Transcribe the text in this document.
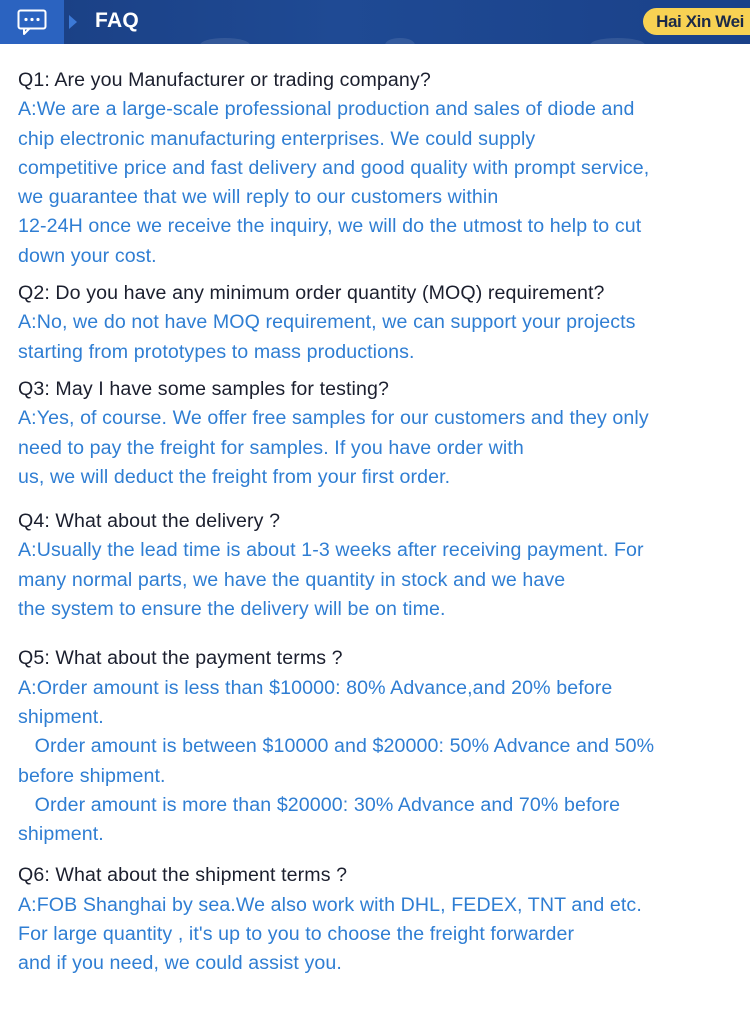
FAQ	Hai Xin Wei
Q1: Are you Manufacturer or trading company?
A:We are a large-scale professional production and sales of diode and
chip electronic manufacturing enterprises. We could supply
competitive price and fast delivery and good quality with prompt service,
we guarantee that we will reply to our customers within
12-24H once we receive the inquiry, we will do the utmost to help to cut
down your cost.
Q2: Do you have any minimum order quantity (MOQ) requirement?
A:No, we do not have MOQ requirement, we can support your projects
starting from prototypes to mass productions.
Q3: May I have some samples for testing?
A:Yes, of course. We offer free samples for our customers and they only
need to pay the freight for samples. If you have order with
us, we will deduct the freight from your first order.
Q4: What about the delivery ?
A:Usually the lead time is about 1-3 weeks after receiving payment. For
many normal parts, we have the quantity in stock and we have
the system to ensure the delivery will be on time.
Q5: What about the payment terms ?
A:Order amount is less than $10000: 80% Advance,and 20% before
shipment.
Order amount is between $10000 and $20000: 50% Advance and 50%
before shipment.
Order amount is more than $20000: 30% Advance and 70% before
shipment.
Q6: What about the shipment terms ?
A:FOB Shanghai by sea.We also work with DHL, FEDEX, TNT and etc.
For large quantity , it's up to you to choose the freight forwarder
and if you need, we could assist you.
